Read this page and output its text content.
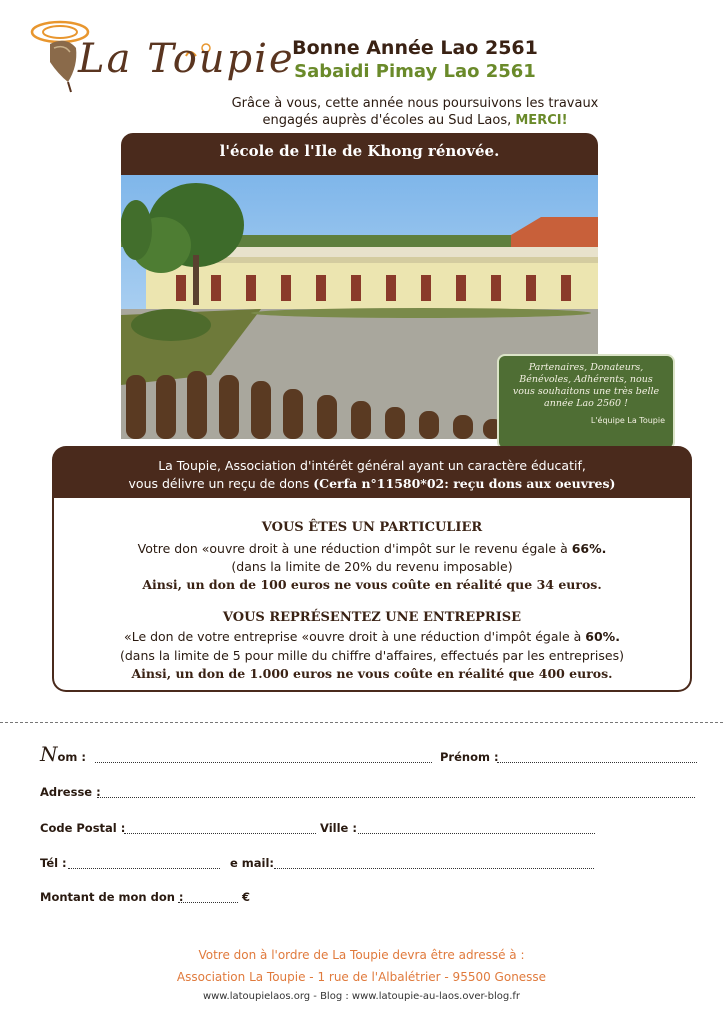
La Toupie
Bonne Année Lao 2561
Sabaidi Pimay Lao 2561
Grâce à vous, cette année nous poursuivons les travaux
engagés auprès d'écoles au Sud Laos, MERCI!
l'école de l'Ile de Khong rénovée.
Partenaires, Donateurs, Bénévoles, Adhérents, nous vous souhaitons une très belle année Lao 2560 !
L'équipe La Toupie
La Toupie, Association d'intérêt général ayant un caractère éducatif,
vous délivre un reçu de dons (Cerfa n°11580*02: reçu dons aux oeuvres)
VOUS ÊTES UN PARTICULIER
Votre don «ouvre droit à une réduction d'impôt sur le revenu égale à 66%.
(dans la limite de 20% du revenu imposable)
Ainsi, un don de 100 euros ne vous coûte en réalité que 34 euros.
VOUS REPRÉSENTEZ UNE ENTREPRISE
«Le don de votre entreprise «ouvre droit à une réduction d'impôt égale à 60%.
(dans la limite de 5 pour mille du chiffre d'affaires, effectués par les entreprises)
Ainsi, un don de 1.000 euros ne vous coûte en réalité que 400 euros.
Nom :	Prénom :
Adresse :
Code Postal :	Ville :
Tél :	e mail:
Montant de mon don :	€
Votre don à l'ordre de La Toupie devra être adressé à :
Association La Toupie - 1 rue de l'Albalétrier - 95500 Gonesse
www.latoupielaos.org - Blog : www.latoupie-au-laos.over-blog.fr
